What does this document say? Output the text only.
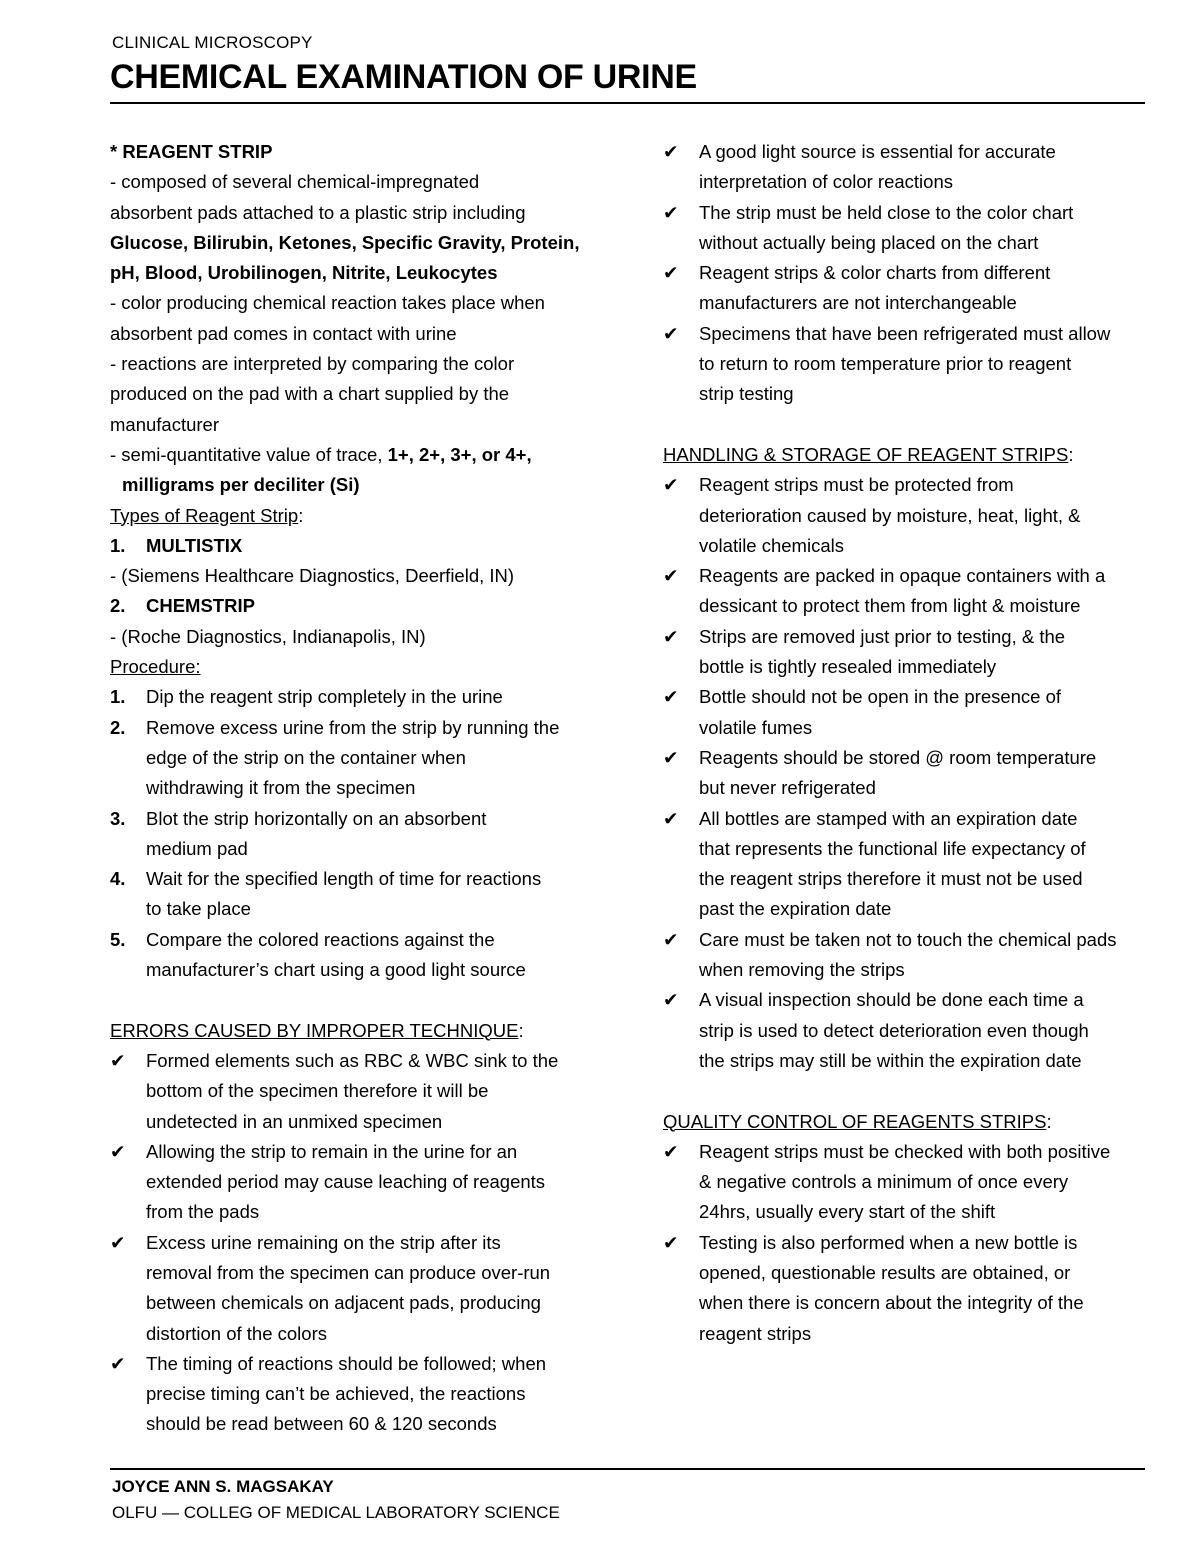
CLINICAL MICROSCOPY
CHEMICAL EXAMINATION OF URINE

* REAGENT STRIP

- composed of several chemical-impregnated

absorbent pads attached to a plastic strip including

Glucose, Bilirubin, Ketones, Specific Gravity, Protein,

pH, Blood, Urobilinogen, Nitrite, Leukocytes

- color producing chemical reaction takes place when

absorbent pad comes in contact with urine

- reactions are interpreted by comparing the color

produced on the pad with a chart supplied by the

manufacturer

- semi-quantitative value of trace, 1+, 2+, 3+, or 4+,

milligrams per deciliter (Si)

Types of Reagent Strip:

1.	MULTISTIX

- (Siemens Healthcare Diagnostics, Deerfield, IN)

2.	CHEMSTRIP

- (Roche Diagnostics, Indianapolis, IN)

Procedure:

1.	Dip the reagent strip completely in the urine
2.	Remove excess urine from the strip by running the
edge of the strip on the container when
withdrawing it from the specimen
3.	Blot the strip horizontally on an absorbent
medium pad
4.	Wait for the specified length of time for reactions
to take place
5.	Compare the colored reactions against the
manufacturer’s chart using a good light source

ERRORS CAUSED BY IMPROPER TECHNIQUE:

✔	Formed elements such as RBC & WBC sink to the
bottom of the specimen therefore it will be
undetected in an unmixed specimen
✔	Allowing the strip to remain in the urine for an
extended period may cause leaching of reagents
from the pads
✔	Excess urine remaining on the strip after its
removal from the specimen can produce over-run
between chemicals on adjacent pads, producing
distortion of the colors
✔	The timing of reactions should be followed; when
precise timing can’t be achieved, the reactions
should be read between 60 & 120 seconds
✔	A good light source is essential for accurate
interpretation of color reactions
✔	The strip must be held close to the color chart
without actually being placed on the chart
✔	Reagent strips & color charts from different
manufacturers are not interchangeable
✔	Specimens that have been refrigerated must allow
to return to room temperature prior to reagent
strip testing

HANDLING & STORAGE OF REAGENT STRIPS:

✔	Reagent strips must be protected from
deterioration caused by moisture, heat, light, &
volatile chemicals
✔	Reagents are packed in opaque containers with a
dessicant to protect them from light & moisture
✔	Strips are removed just prior to testing, & the
bottle is tightly resealed immediately
✔	Bottle should not be open in the presence of
volatile fumes
✔	Reagents should be stored @ room temperature
but never refrigerated
✔	All bottles are stamped with an expiration date
that represents the functional life expectancy of
the reagent strips therefore it must not be used
past the expiration date
✔	Care must be taken not to touch the chemical pads
when removing the strips
✔	A visual inspection should be done each time a
strip is used to detect deterioration even though
the strips may still be within the expiration date

QUALITY CONTROL OF REAGENTS STRIPS:

✔	Reagent strips must be checked with both positive
& negative controls a minimum of once every
24hrs, usually every start of the shift
✔	Testing is also performed when a new bottle is
opened, questionable results are obtained, or
when there is concern about the integrity of the
reagent strips
JOYCE ANN S. MAGSAKAY
OLFU — COLLEG OF MEDICAL LABORATORY SCIENCE
